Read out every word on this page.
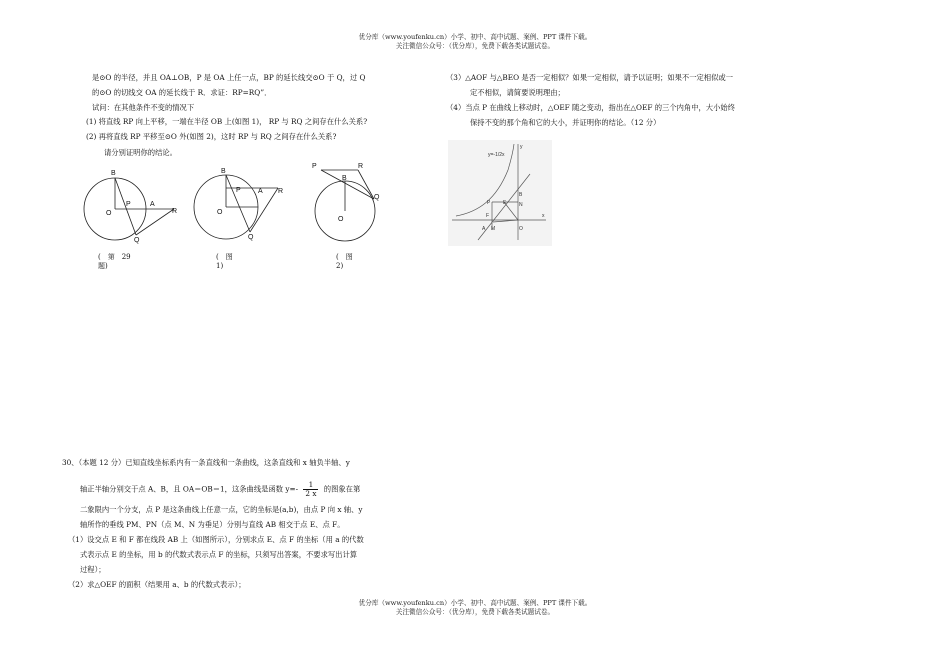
优分库（www.youfenku.cn）小学、初中、高中试题、案例、PPT 课件下载。
关注微信公众号：（优分库），免费下载各类试题试卷。
是⊙O 的半径，并且 OA⊥OB，P 是 OA 上任一点，BP 的延长线交⊙O 于 Q，过 Q
的⊙O 的切线交 OA 的延长线于 R．求证：RP=RQ”．
试问：在其他条件不变的情况下
(1) 将直线 RP 向上平移，一端在半径 OB 上(如图 1)， RP 与 RQ 之间存在什么关系?
(2) 再将直线 RP 平移至⊙O 外(如图 2)，这时 RP 与 RQ 之间存在什么关系?
请分别证明你的结论。
B
O
P	A
R
Q
B
O
P A R
Q
P	R
B
Q
O
(　第　29
题)
(　图
1)
(　图
2)
（3）△AOF 与△BEO 是否一定相似？如果一定相似，请予以证明；如果不一定相似或一
定不相似，请简要说明理由；
（4）当点 P 在曲线上移动时，△OEF 随之变动，指出在△OEF 的三个内角中，大小始终
保持不变的那个角和它的大小，并证明你的结论。（12 分）
y=-1/2x
y
x
B
P	E	N
F
A M	O
30、（本题 12 分）已知直线坐标系内有一条直线和一条曲线，这条直线和 x 轴负半轴、y
轴正半轴分别交于点 A、B，且 OA＝OB＝1，这条曲线是函数 $y=- \frac{1}{2 x}$ 的图象在第
二象限内一个分支，点 P 是这条曲线上任意一点，它的坐标是(a,b)，由点 P 向 x 轴、y
轴所作的垂线 PM、PN（点 M、N 为垂足）分别与直线 AB 相交于点 E、点 F。
（1）设交点 E 和 F 都在线段 AB 上（如图所示），分别求点 E、点 F 的坐标（用 a 的代数
式表示点 E 的坐标，用 b 的代数式表示点 F 的坐标，只须写出答案，不要求写出计算
过程）；
（2）求△OEF 的面积（结果用 a、b 的代数式表示）；
优分库（www.youfenku.cn）小学、初中、高中试题、案例、PPT 课件下载。
关注微信公众号：（优分库），免费下载各类试题试卷。
